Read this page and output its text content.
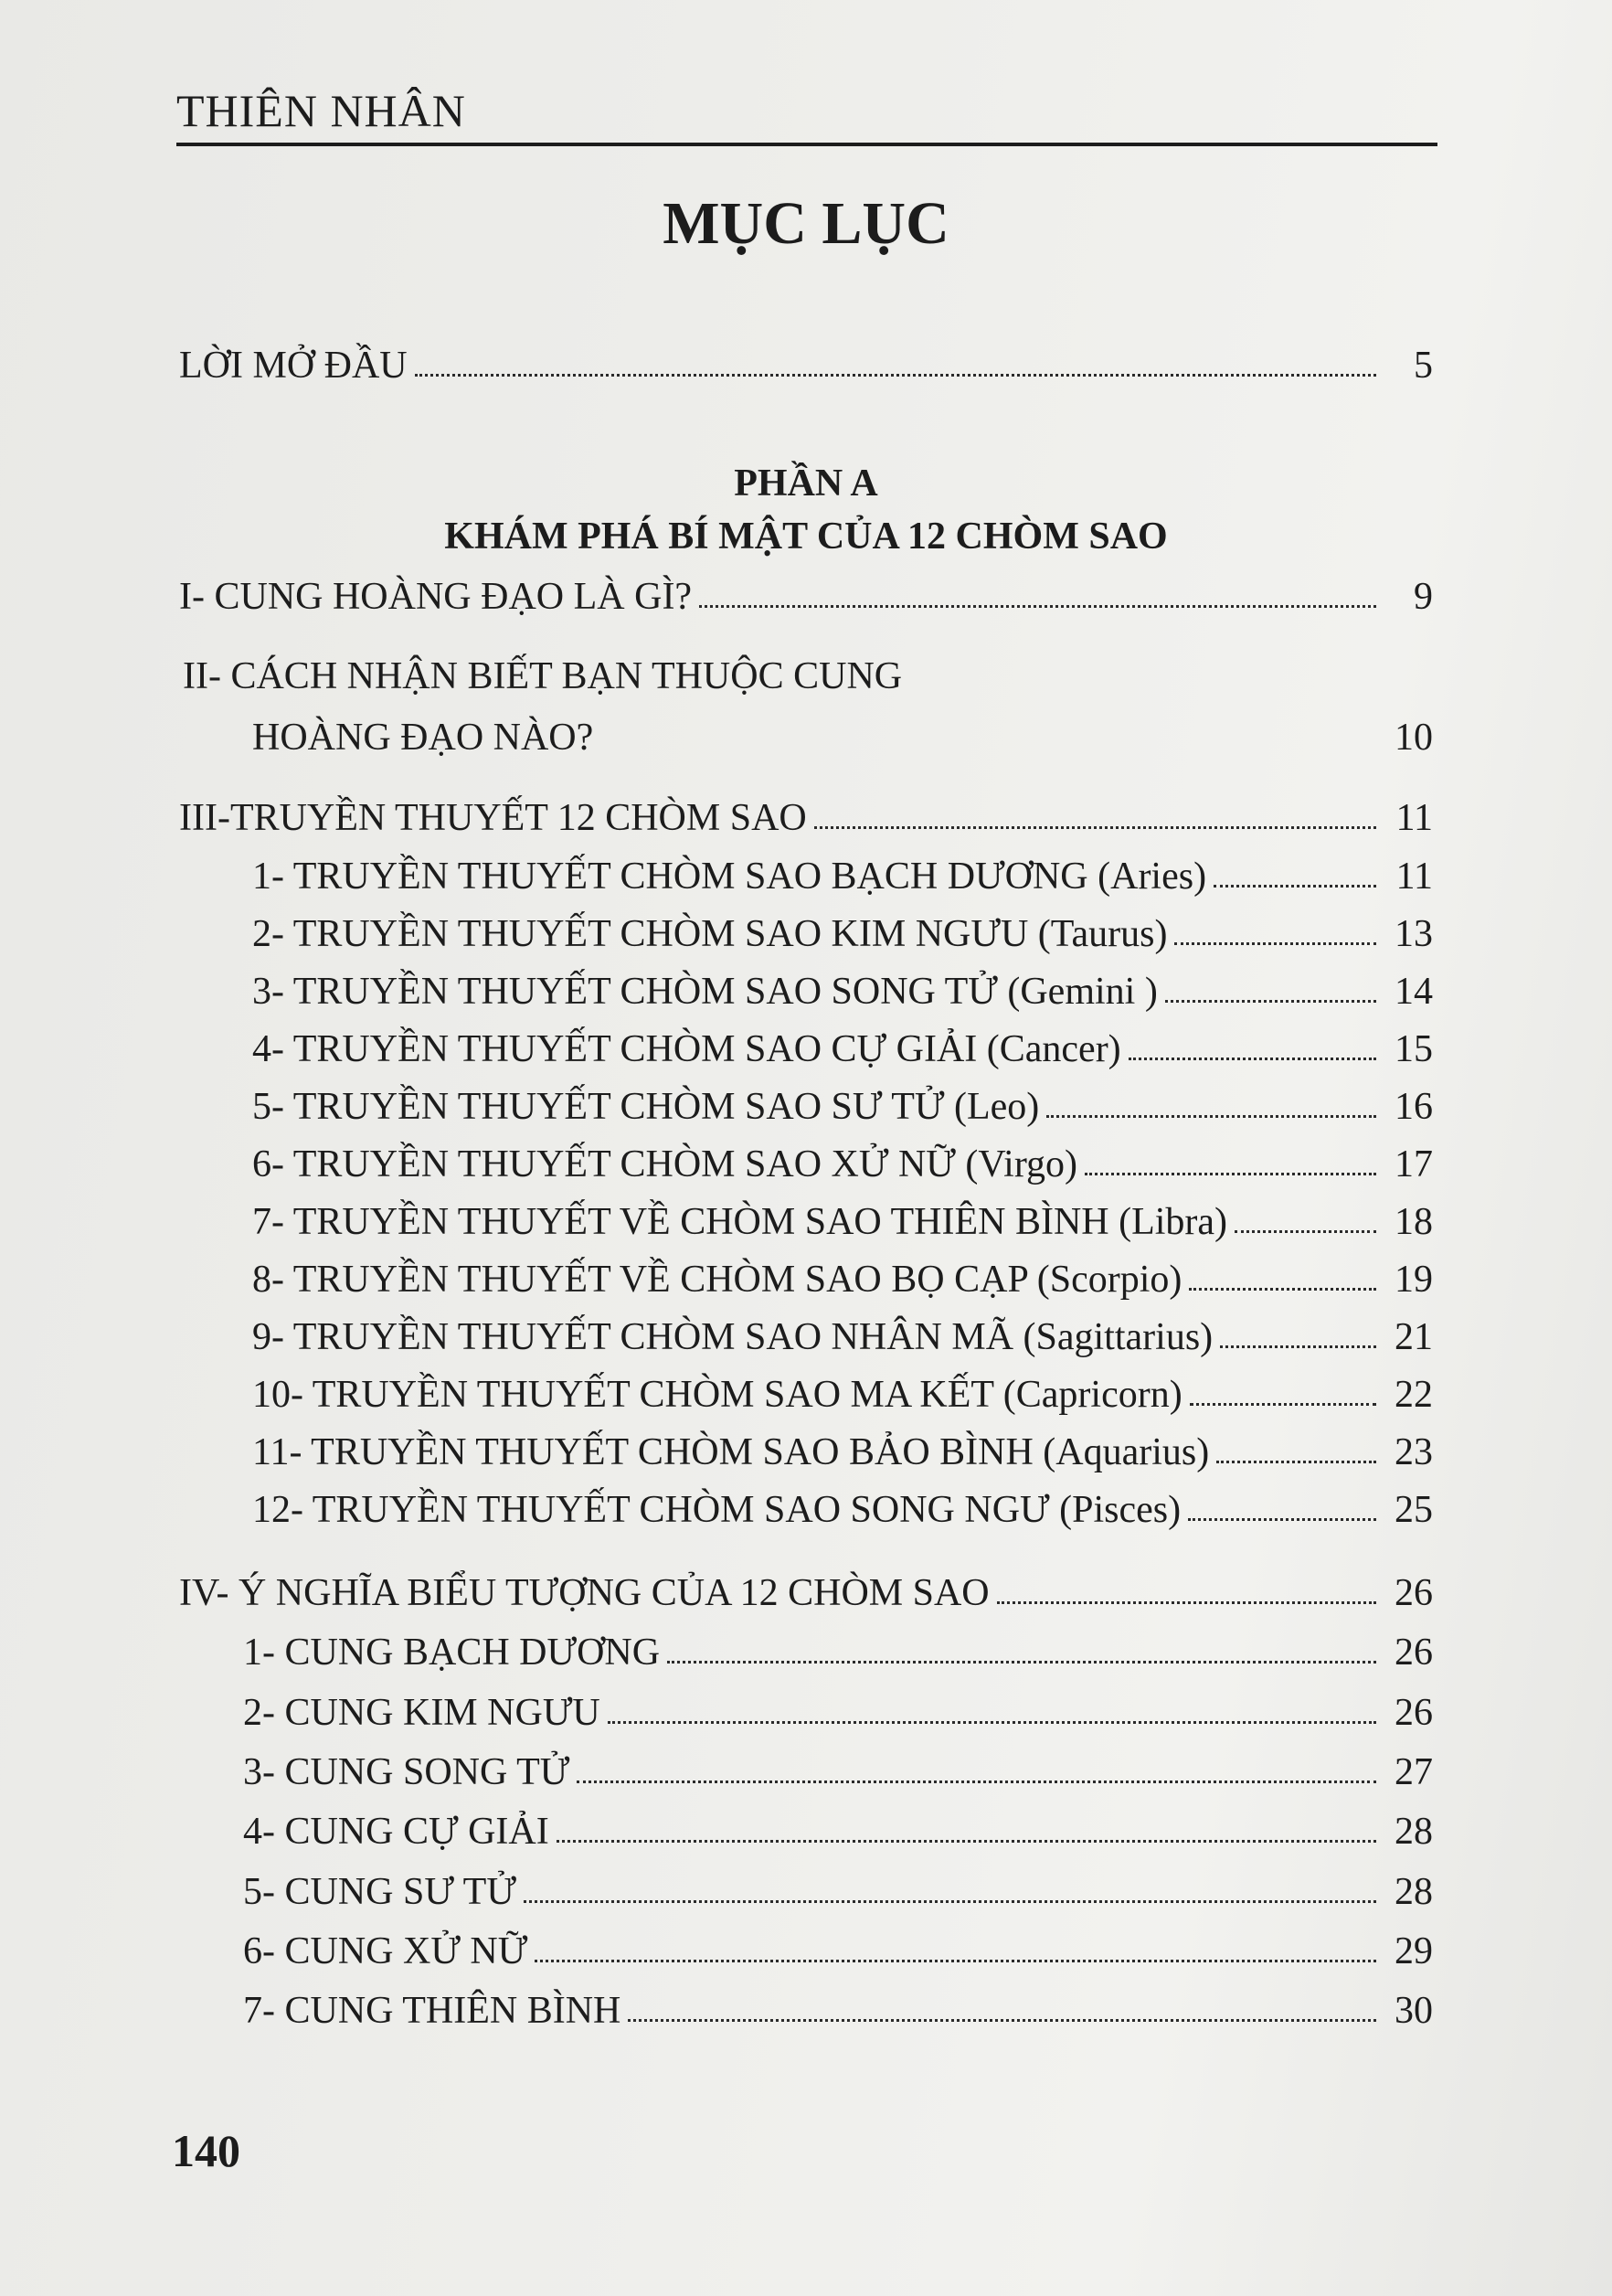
THIÊN NHÂN
MỤC LỤC
LỜI MỞ ĐẦU	5
PHẦN A
KHÁM PHÁ BÍ MẬT CỦA 12 CHÒM SAO
I- CUNG HOÀNG ĐẠO LÀ GÌ?	9
II- CÁCH NHẬN BIẾT BẠN THUỘC CUNG
HOÀNG ĐẠO NÀO?	10
III-TRUYỀN THUYẾT 12 CHÒM SAO	11
1- TRUYỀN THUYẾT CHÒM SAO BẠCH DƯƠNG (Aries)	11
2- TRUYỀN THUYẾT CHÒM SAO KIM NGƯU (Taurus)	13
3- TRUYỀN THUYẾT CHÒM SAO SONG TỬ (Gemini )	14
4- TRUYỀN THUYẾT CHÒM SAO CỰ GIẢI (Cancer)	15
5- TRUYỀN THUYẾT CHÒM SAO SƯ TỬ (Leo)	16
6- TRUYỀN THUYẾT CHÒM SAO XỬ NỮ (Virgo)	17
7- TRUYỀN THUYẾT VỀ CHÒM SAO THIÊN BÌNH (Libra)	18
8- TRUYỀN THUYẾT VỀ CHÒM SAO BỌ CẠP (Scorpio)	19
9- TRUYỀN THUYẾT CHÒM SAO NHÂN MÃ (Sagittarius)	21
10- TRUYỀN THUYẾT CHÒM SAO MA KẾT (Capricorn)	22
11- TRUYỀN THUYẾT CHÒM SAO BẢO BÌNH (Aquarius)	23
12- TRUYỀN THUYẾT CHÒM SAO SONG NGƯ (Pisces)	25
IV- Ý NGHĨA BIỂU TƯỢNG CỦA 12 CHÒM SAO	26
1- CUNG BẠCH DƯƠNG	26
2- CUNG KIM NGƯU	26
3- CUNG SONG TỬ	27
4- CUNG CỰ GIẢI	28
5- CUNG SƯ TỬ	28
6- CUNG XỬ NỮ	29
7- CUNG THIÊN BÌNH	30
140
